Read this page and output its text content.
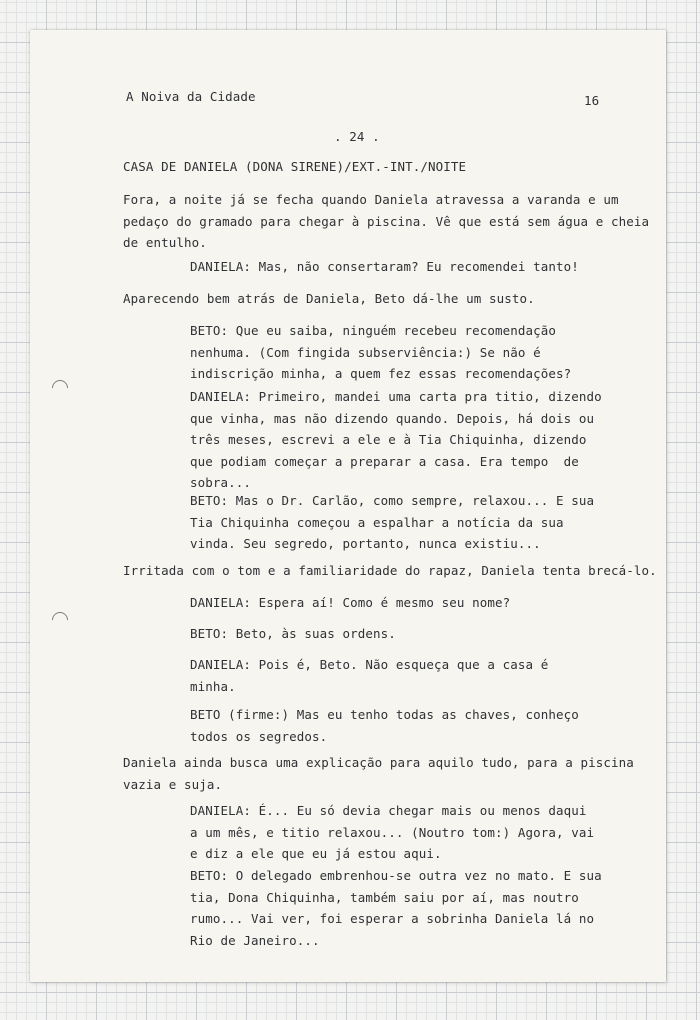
A Noiva da Cidade	16

. 24 .

CASA DE DANIELA (DONA SIRENE)/EXT.-INT./NOITE

Fora, a noite já se fecha quando Daniela atravessa a varanda e um
pedaço do gramado para chegar à piscina. Vê que está sem água e cheia
de entulho.

DANIELA: Mas, não consertaram? Eu recomendei tanto!

Aparecendo bem atrás de Daniela, Beto dá-lhe um susto.

BETO: Que eu saiba, ninguém recebeu recomendação
nenhuma. (Com fingida subserviência:) Se não é
indiscrição minha, a quem fez essas recomendações?

DANIELA: Primeiro, mandei uma carta pra titio, dizendo
que vinha, mas não dizendo quando. Depois, há dois ou
três meses, escrevi a ele e à Tia Chiquinha, dizendo
que podiam começar a preparar a casa. Era tempo  de
sobra...

BETO: Mas o Dr. Carlão, como sempre, relaxou... E sua
Tia Chiquinha começou a espalhar a notícia da sua
vinda. Seu segredo, portanto, nunca existiu...

Irritada com o tom e a familiaridade do rapaz, Daniela tenta brecá-lo.

DANIELA: Espera aí! Como é mesmo seu nome?

BETO: Beto, às suas ordens.

DANIELA: Pois é, Beto. Não esqueça que a casa é
minha.

BETO (firme:) Mas eu tenho todas as chaves, conheço
todos os segredos.

Daniela ainda busca uma explicação para aquilo tudo, para a piscina
vazia e suja.

DANIELA: É... Eu só devia chegar mais ou menos daqui
a um mês, e titio relaxou... (Noutro tom:) Agora, vai
e diz a ele que eu já estou aqui.

BETO: O delegado embrenhou-se outra vez no mato. E sua
tia, Dona Chiquinha, também saiu por aí, mas noutro
rumo... Vai ver, foi esperar a sobrinha Daniela lá no
Rio de Janeiro...
